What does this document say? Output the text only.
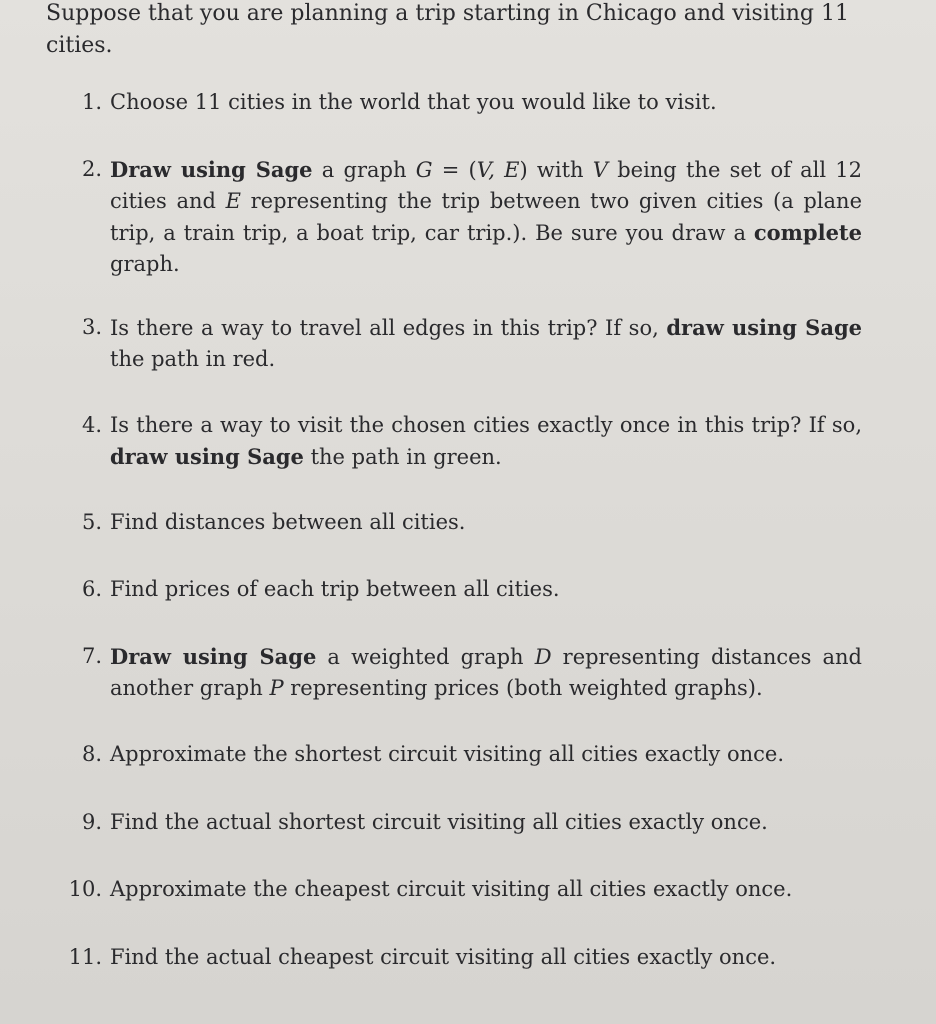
Suppose that you are planning a trip starting in Chicago and visiting 11 cities.

1. Choose 11 cities in the world that you would like to visit.
2. Draw using Sage a graph G = (V, E) with V being the set of all 12 cities and E representing the trip between two given cities (a plane trip, a train trip, a boat trip, car trip.). Be sure you draw a complete graph.
3. Is there a way to travel all edges in this trip? If so, draw using Sage the path in red.
4. Is there a way to visit the chosen cities exactly once in this trip? If so, draw using Sage the path in green.
5. Find distances between all cities.
6. Find prices of each trip between all cities.
7. Draw using Sage a weighted graph D representing distances and another graph P representing prices (both weighted graphs).
8. Approximate the shortest circuit visiting all cities exactly once.
9. Find the actual shortest circuit visiting all cities exactly once.
10. Approximate the cheapest circuit visiting all cities exactly once.
11. Find the actual cheapest circuit visiting all cities exactly once.
